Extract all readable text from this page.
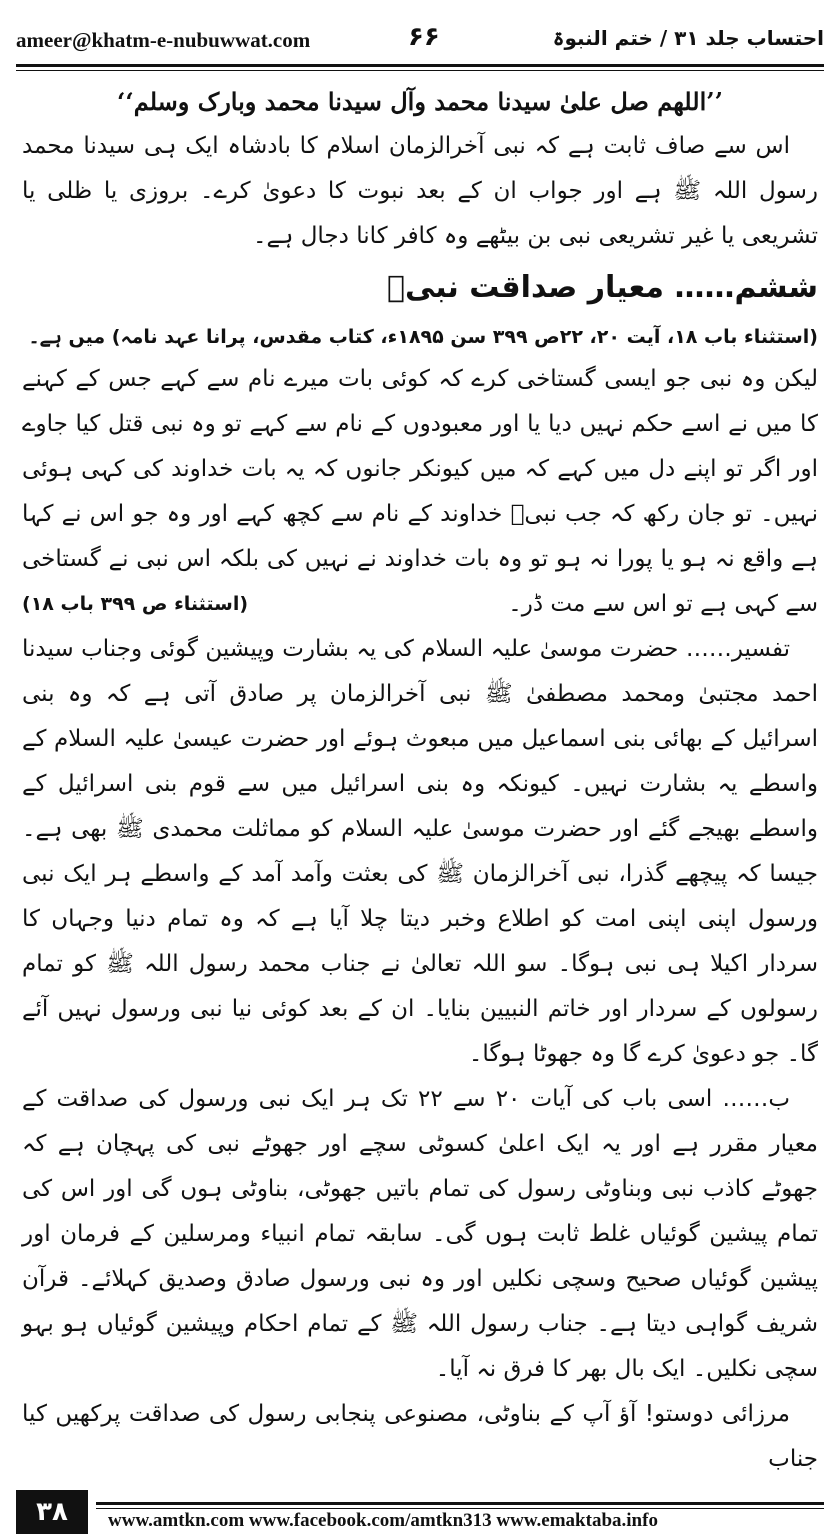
ameer@khatm-e-nubuwwat.com	۶۶	احتساب جلد ۳۱ / ختم النبوۃ

’’اللھم صل علیٰ سیدنا محمد وآل سیدنا محمد وبارک وسلم‘‘

اس سے صاف ثابت ہے کہ نبی آخرالزمان اسلام کا بادشاہ ایک ہی سیدنا محمد رسول اللہ ﷺ ہے اور جواب ان کے بعد نبوت کا دعویٰ کرے۔ بروزی یا ظلی یا تشریعی یا غیر تشریعی نبی بن بیٹھے وہ کافر کانا دجال ہے۔

ششم…… معیار صداقت نبیؑ

(استثناء باب ۱۸، آیت ۲۰، ۲۲ص ۳۹۹ سن ۱۸۹۵ء، کتاب مقدس، پرانا عہد نامہ) میں ہے۔

لیکن وہ نبی جو ایسی گستاخی کرے کہ کوئی بات میرے نام سے کہے جس کے کہنے کا میں نے اسے حکم نہیں دیا یا اور معبودوں کے نام سے کہے تو وہ نبی قتل کیا جاوے اور اگر تو اپنے دل میں کہے کہ میں کیونکر جانوں کہ یہ بات خداوند کی کہی ہوئی نہیں۔ تو جان رکھ کہ جب نبیؑ خداوند کے نام سے کچھ کہے اور وہ جو اس نے کہا ہے واقع نہ ہو یا پورا نہ ہو تو وہ بات خداوند نے نہیں کی بلکہ اس نبی نے گستاخی سے کہی ہے تو اس سے مت ڈر۔
(استثناء ص ۳۹۹ باب ۱۸)

تفسیر…… حضرت موسیٰ علیہ السلام کی یہ بشارت وپیشین گوئی وجناب سیدنا احمد مجتبیٰ ومحمد مصطفیٰ ﷺ نبی آخرالزمان پر صادق آتی ہے کہ وہ بنی اسرائیل کے بھائی بنی اسماعیل میں مبعوث ہوئے اور حضرت عیسیٰ علیہ السلام کے واسطے یہ بشارت نہیں۔ کیونکہ وہ بنی اسرائیل میں سے قوم بنی اسرائیل کے واسطے بھیجے گئے اور حضرت موسیٰ علیہ السلام کو مماثلت محمدی ﷺ بھی ہے۔ جیسا کہ پیچھے گذرا، نبی آخرالزمان ﷺ کی بعثت وآمد آمد کے واسطے ہر ایک نبی ورسول اپنی اپنی امت کو اطلاع وخبر دیتا چلا آیا ہے کہ وہ تمام دنیا وجہاں کا سردار اکیلا ہی نبی ہوگا۔ سو اللہ تعالیٰ نے جناب محمد رسول اللہ ﷺ کو تمام رسولوں کے سردار اور خاتم النبیین بنایا۔ ان کے بعد کوئی نیا نبی ورسول نہیں آئے گا۔ جو دعویٰ کرے گا وہ جھوٹا ہوگا۔

ب…… اسی باب کی آیات ۲۰ سے ۲۲ تک ہر ایک نبی ورسول کی صداقت کے معیار مقرر ہے اور یہ ایک اعلیٰ کسوٹی سچے اور جھوٹے نبی کی پہچان ہے کہ جھوٹے کاذب نبی وبناوٹی رسول کی تمام باتیں جھوٹی، بناوٹی ہوں گی اور اس کی تمام پیشین گوئیاں غلط ثابت ہوں گی۔ سابقہ تمام انبیاء ومرسلین کے فرمان اور پیشین گوئیاں صحیح وسچی نکلیں اور وہ نبی ورسول صادق وصدیق کہلائے۔ قرآن شریف گواہی دیتا ہے۔ جناب رسول اللہ ﷺ کے تمام احکام وپیشین گوئیاں ہو بہو سچی نکلیں۔ ایک بال بھر کا فرق نہ آیا۔

مرزائی دوستو! آؤ آپ کے بناوٹی، مصنوعی پنجابی رسول کی صداقت پرکھیں کیا جناب

۳۸	www.amtkn.com www.facebook.com/amtkn313 www.emaktaba.info
